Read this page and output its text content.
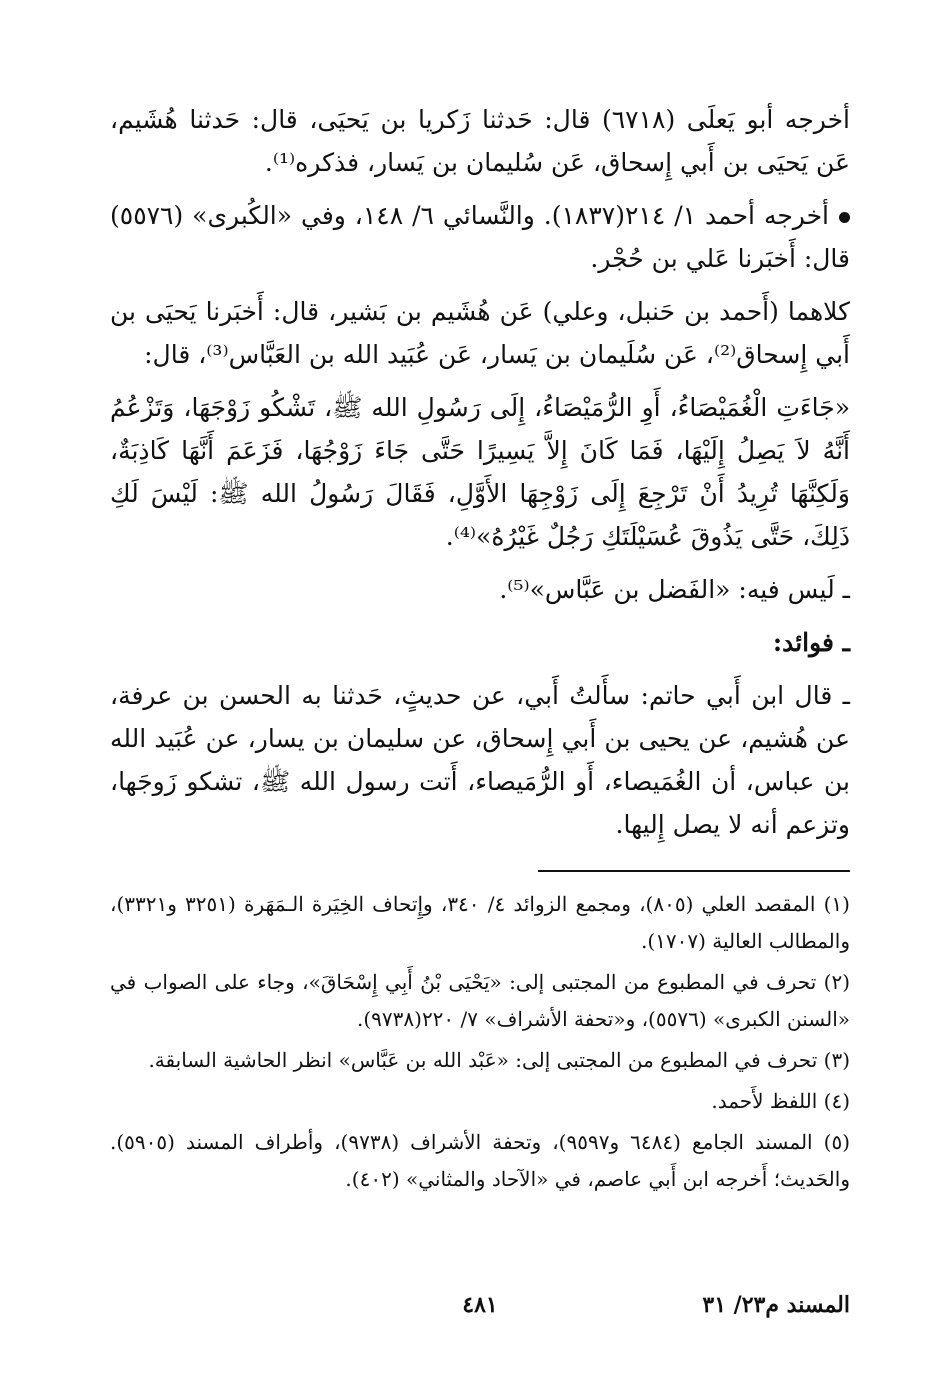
أخرجه أبو يَعلَى (٦٧١٨) قال: حَدثنا زَكريا بن يَحيَى، قال: حَدثنا هُشَيم، عَن يَحيَى بن أَبي إِسحاق، عَن سُليمان بن يَسار، فذكره⁽¹⁾.

أخرجه أحمد ١/ ٢١٤(١٨٣٧). والنَّسائي ٦/ ١٤٨، وفي «الكُبرى» (٥٥٧٦) قال: أَخبَرنا عَلي بن حُجْر.

كلاهما (أَحمد بن حَنبل، وعلي) عَن هُشَيم بن بَشير، قال: أَخبَرنا يَحيَى بن أَبي إِسحاق⁽²⁾، عَن سُلَيمان بن يَسار، عَن عُبَيد الله بن العَبَّاس⁽³⁾، قال:

«جَاءَتِ الْغُمَيْصَاءُ، أَوِ الرُّمَيْصَاءُ، إِلَى رَسُولِ الله ﷺ، تَشْكُو زَوْجَهَا، وَتَزْعُمُ أَنَّهُ لاَ يَصِلُ إِلَيْهَا، فَمَا كَانَ إِلاَّ يَسِيرًا حَتَّى جَاءَ زَوْجُهَا، فَزَعَمَ أَنَّهَا كَاذِبَةٌ، وَلَكِنَّهَا تُرِيدُ أَنْ تَرْجِعَ إِلَى زَوْجِهَا الأَوَّلِ، فَقَالَ رَسُولُ الله ﷺ: لَيْسَ لَكِ ذَلِكَ، حَتَّى يَذُوقَ عُسَيْلَتَكِ رَجُلٌ غَيْرُهُ»⁽⁴⁾.

ـ لَيس فيه: «الفَضل بن عَبَّاس»⁽⁵⁾.

ـ فوائد:

ـ قال ابن أَبي حاتم: سأَلتُ أَبي، عن حديثٍ، حَدثنا به الحسن بن عرفة، عن هُشيم، عن يحيى بن أَبي إِسحاق، عن سليمان بن يسار، عن عُبَيد الله بن عباس، أن الغُمَيصاء، أَو الرُّمَيصاء، أَتت رسول الله ﷺ، تشكو زَوجَها، وتزعم أنه لا يصل إِليها.

(١) المقصد العلي (٨٠٥)، ومجمع الزوائد ٤/ ٣٤٠، وإِتحاف الخِيَرة الـمَهَرة (٣٢٥١ و٣٣٢١)، والمطالب العالية (١٧٠٧).

(٢) تحرف في المطبوع من المجتبى إلى: «يَحْيَى بْنُ أَبِي إِسْحَاقَ»، وجاء على الصواب في «السنن الكبرى» (٥٥٧٦)، و«تحفة الأشراف» ٧/ ٢٢٠(٩٧٣٨).

(٣) تحرف في المطبوع من المجتبى إلى: «عَبْد الله بن عَبَّاس» انظر الحاشية السابقة.

(٤) اللفظ لأَحمد.

(٥) المسند الجامع (٦٤٨٤ و٩٥٩٧)، وتحفة الأشراف (٩٧٣٨)، وأطراف المسند (٥٩٠٥). والحَديث؛ أَخرجه ابن أَبي عاصم، في «الآحاد والمثاني» (٤٠٢).

المسند م٢٣/ ٣١
٤٨١
